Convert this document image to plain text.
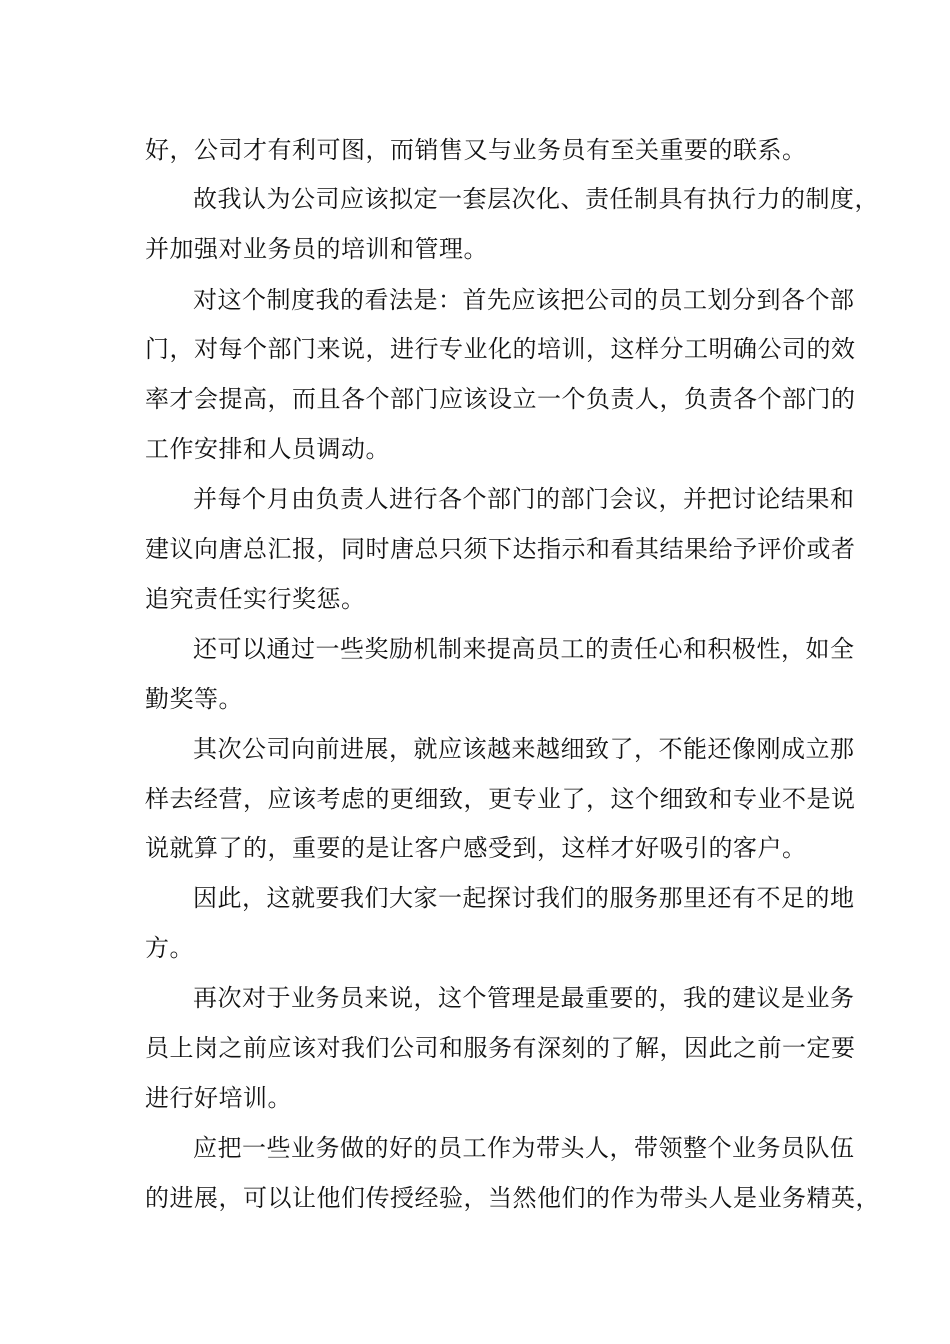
好，公司才有利可图，而销售又与业务员有至关重要的联系。
故我认为公司应该拟定一套层次化、责任制具有执行力的制度，
并加强对业务员的培训和管理。
对这个制度我的看法是：首先应该把公司的员工划分到各个部
门，对每个部门来说，进行专业化的培训，这样分工明确公司的效
率才会提高，而且各个部门应该设立一个负责人，负责各个部门的
工作安排和人员调动。
并每个月由负责人进行各个部门的部门会议，并把讨论结果和
建议向唐总汇报，同时唐总只须下达指示和看其结果给予评价或者
追究责任实行奖惩。
还可以通过一些奖励机制来提高员工的责任心和积极性，如全
勤奖等。
其次公司向前进展，就应该越来越细致了，不能还像刚成立那
样去经营，应该考虑的更细致，更专业了，这个细致和专业不是说
说就算了的，重要的是让客户感受到，这样才好吸引的客户。
因此，这就要我们大家一起探讨我们的服务那里还有不足的地
方。
再次对于业务员来说，这个管理是最重要的，我的建议是业务
员上岗之前应该对我们公司和服务有深刻的了解，因此之前一定要
进行好培训。
应把一些业务做的好的员工作为带头人，带领整个业务员队伍
的进展，可以让他们传授经验，当然他们的作为带头人是业务精英，
